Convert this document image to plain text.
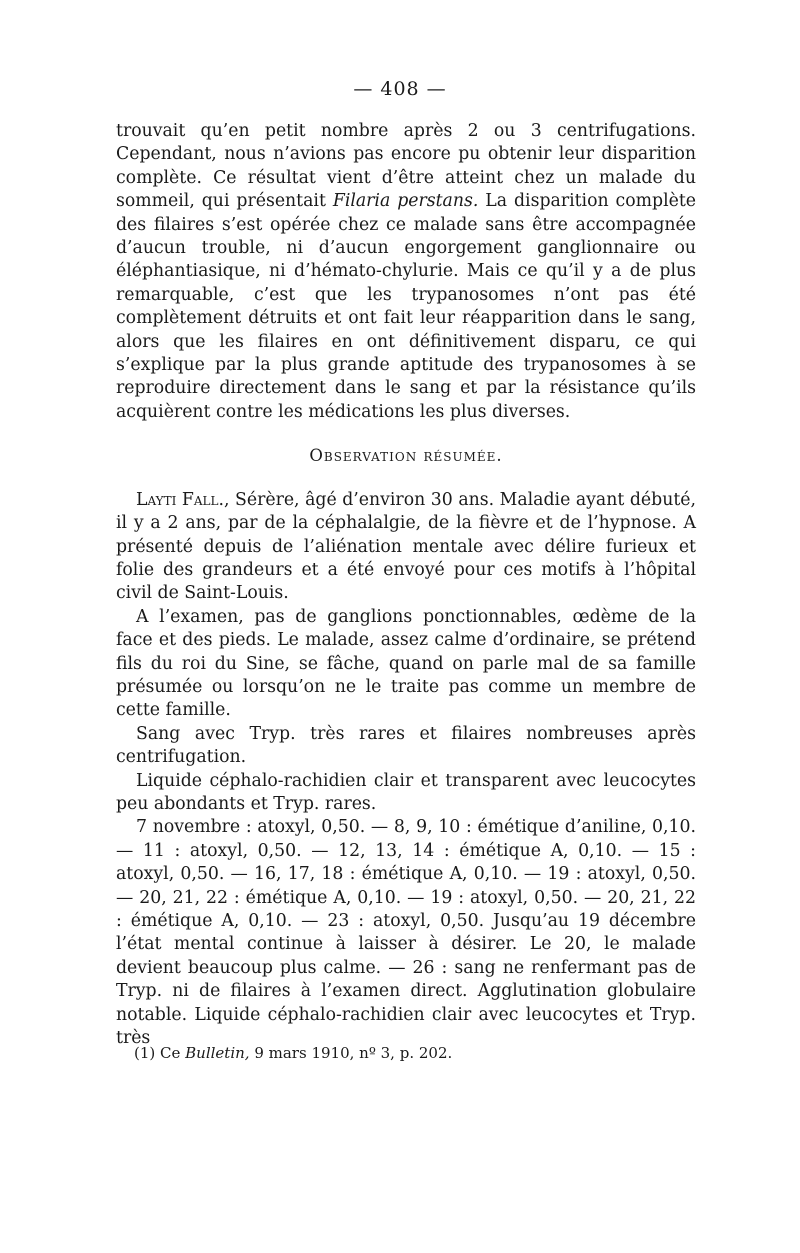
— 408 —

trouvait qu’en petit nombre après 2 ou 3 centrifugations. Cependant, nous n’avions pas encore pu obtenir leur disparition complète. Ce résultat vient d’être atteint chez un malade du sommeil, qui présentait Filaria perstans. La disparition complète des filaires s’est opérée chez ce malade sans être accompagnée d’aucun trouble, ni d’aucun engorgement ganglionnaire ou éléphantiasique, ni d’hémato-chylurie. Mais ce qu’il y a de plus remarquable, c’est que les trypanosomes n’ont pas été complètement détruits et ont fait leur réapparition dans le sang, alors que les filaires en ont définitivement disparu, ce qui s’explique par la plus grande aptitude des trypanosomes à se reproduire directement dans le sang et par la résistance qu’ils acquièrent contre les médications les plus diverses.

Observation résumée.

Layti Fall., Sérère, âgé d’environ 30 ans. Maladie ayant débuté, il y a 2 ans, par de la céphalalgie, de la fièvre et de l’hypnose. A présenté depuis de l’aliénation mentale avec délire furieux et folie des grandeurs et a été envoyé pour ces motifs à l’hôpital civil de Saint-Louis.

A l’examen, pas de ganglions ponctionnables, œdème de la face et des pieds. Le malade, assez calme d’ordinaire, se prétend fils du roi du Sine, se fâche, quand on parle mal de sa famille présumée ou lorsqu’on ne le traite pas comme un membre de cette famille.

Sang avec Tryp. très rares et filaires nombreuses après centrifugation.

Liquide céphalo-rachidien clair et transparent avec leucocytes peu abondants et Tryp. rares.

7 novembre : atoxyl, 0,50. — 8, 9, 10 : émétique d’aniline, 0,10. — 11 : atoxyl, 0,50. — 12, 13, 14 : émétique A, 0,10. — 15 : atoxyl, 0,50. — 16, 17, 18 : émétique A, 0,10. — 19 : atoxyl, 0,50. — 20, 21, 22 : émétique A, 0,10. — 19 : atoxyl, 0,50. — 20, 21, 22 : émétique A, 0,10. — 23 : atoxyl, 0,50. Jusqu’au 19 décembre l’état mental continue à laisser à désirer. Le 20, le malade devient beaucoup plus calme. — 26 : sang ne renfermant pas de Tryp. ni de filaires à l’examen direct. Agglutination globulaire notable. Liquide céphalo-rachidien clair avec leucocytes et Tryp. très

(1) Ce Bulletin, 9 mars 1910, nº 3, p. 202.
